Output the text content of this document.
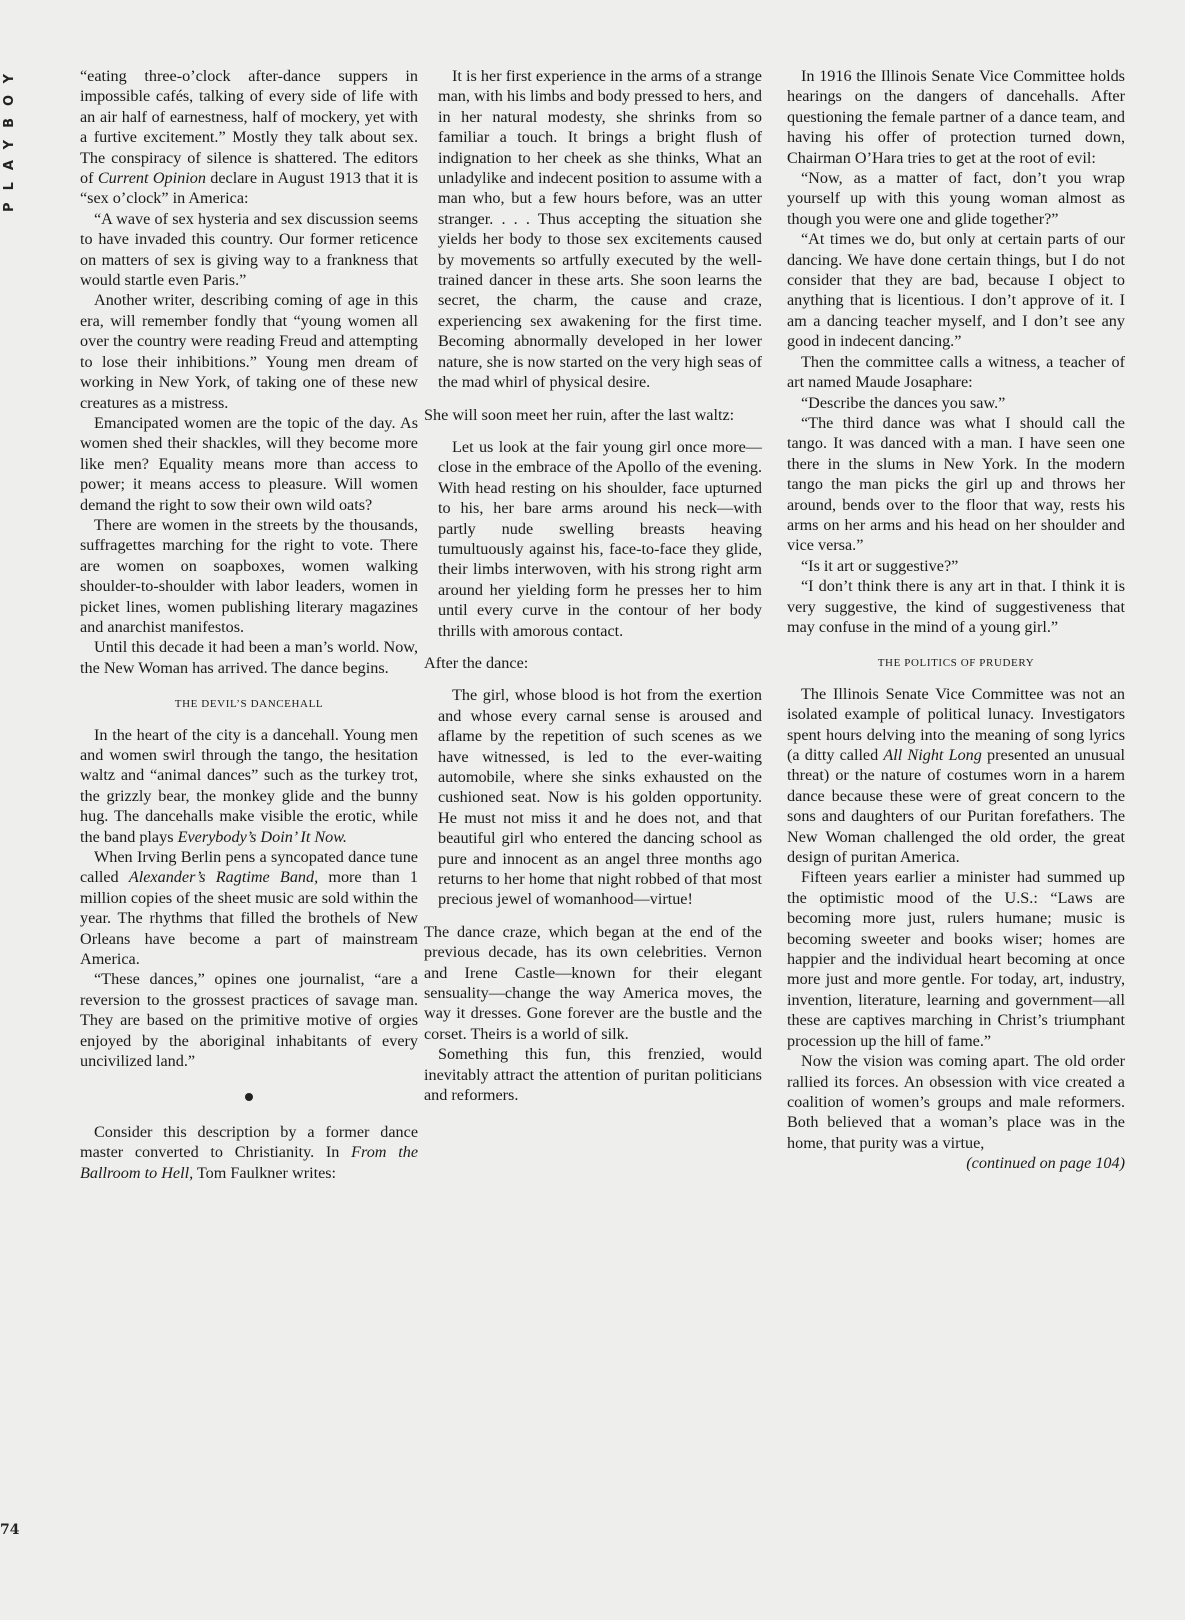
PLAYBOY	“eating three-o’clock after-dance suppers in impossible cafés, talking of every side of life with an air half of earnestness, half of mockery, yet with a furtive excitement.” Mostly they talk about sex. The conspiracy of silence is shattered. The editors of Current Opinion declare in August 1913 that it is “sex o’clock” in America:

“A wave of sex hysteria and sex discussion seems to have invaded this country. Our former reticence on matters of sex is giving way to a frankness that would startle even Paris.”

Another writer, describing coming of age in this era, will remember fondly that “young women all over the country were reading Freud and attempting to lose their inhibitions.” Young men dream of working in New York, of taking one of these new creatures as a mistress.

Emancipated women are the topic of the day. As women shed their shackles, will they become more like men? Equality means more than access to power; it means access to pleasure. Will women demand the right to sow their own wild oats?

There are women in the streets by the thousands, suffragettes marching for the right to vote. There are women on soapboxes, women walking shoulder-to-shoulder with labor leaders, women in picket lines, women publishing literary magazines and anarchist manifestos.

Until this decade it had been a man’s world. Now, the New Woman has arrived. The dance begins.

THE DEVIL’S DANCEHALL

In the heart of the city is a dancehall. Young men and women swirl through the tango, the hesitation waltz and “animal dances” such as the turkey trot, the grizzly bear, the monkey glide and the bunny hug. The dancehalls make visible the erotic, while the band plays Everybody’s Doin’ It Now.

When Irving Berlin pens a syncopated dance tune called Alexander’s Ragtime Band, more than 1 million copies of the sheet music are sold within the year. The rhythms that filled the brothels of New Orleans have become a part of mainstream America.

“These dances,” opines one journalist, “are a reversion to the grossest practices of savage man. They are based on the primitive motive of orgies enjoyed by the aboriginal inhabitants of every uncivilized land.”

Consider this description by a former dance master converted to Christianity. In From the Ballroom to Hell, Tom Faulkner writes:

It is her first experience in the arms of a strange man, with his limbs and body pressed to hers, and in her natural modesty, she shrinks from so familiar a touch. It brings a bright flush of indignation to her cheek as she thinks, What an unladylike and indecent position to assume with a man who, but a few hours before, was an utter stranger. . . . Thus accepting the situation she yields her body to those sex excitements caused by movements so artfully executed by the well-trained dancer in these arts. She soon learns the secret, the charm, the cause and craze, experiencing sex awakening for the first time. Becoming abnormally developed in her lower nature, she is now started on the very high seas of the mad whirl of physical desire.

She will soon meet her ruin, after the last waltz:

Let us look at the fair young girl once more—close in the embrace of the Apollo of the evening. With head resting on his shoulder, face upturned to his, her bare arms around his neck—with partly nude swelling breasts heaving tumultuously against his, face-to-face they glide, their limbs interwoven, with his strong right arm around her yielding form he presses her to him until every curve in the contour of her body thrills with amorous contact.

After the dance:

The girl, whose blood is hot from the exertion and whose every carnal sense is aroused and aflame by the repetition of such scenes as we have witnessed, is led to the ever-waiting automobile, where she sinks exhausted on the cushioned seat. Now is his golden opportunity. He must not miss it and he does not, and that beautiful girl who entered the dancing school as pure and innocent as an angel three months ago returns to her home that night robbed of that most precious jewel of womanhood—virtue!

The dance craze, which began at the end of the previous decade, has its own celebrities. Vernon and Irene Castle—known for their elegant sensuality—change the way America moves, the way it dresses. Gone forever are the bustle and the corset. Theirs is a world of silk.

Something this fun, this frenzied, would inevitably attract the attention of puritan politicians and reformers.

In 1916 the Illinois Senate Vice Committee holds hearings on the dangers of dancehalls. After questioning the female partner of a dance team, and having his offer of protection turned down, Chairman O’Hara tries to get at the root of evil:

“Now, as a matter of fact, don’t you wrap yourself up with this young woman almost as though you were one and glide together?”

“At times we do, but only at certain parts of our dancing. We have done certain things, but I do not consider that they are bad, because I object to anything that is licentious. I don’t approve of it. I am a dancing teacher myself, and I don’t see any good in indecent dancing.”

Then the committee calls a witness, a teacher of art named Maude Josaphare:

“Describe the dances you saw.”

“The third dance was what I should call the tango. It was danced with a man. I have seen one there in the slums in New York. In the modern tango the man picks the girl up and throws her around, bends over to the floor that way, rests his arms on her arms and his head on her shoulder and vice versa.”

“Is it art or suggestive?”

“I don’t think there is any art in that. I think it is very suggestive, the kind of suggestiveness that may confuse in the mind of a young girl.”

THE POLITICS OF PRUDERY

The Illinois Senate Vice Committee was not an isolated example of political lunacy. Investigators spent hours delving into the meaning of song lyrics (a ditty called All Night Long presented an unusual threat) or the nature of costumes worn in a harem dance because these were of great concern to the sons and daughters of our Puritan forefathers. The New Woman challenged the old order, the great design of puritan America.

Fifteen years earlier a minister had summed up the optimistic mood of the U.S.: “Laws are becoming more just, rulers humane; music is becoming sweeter and books wiser; homes are happier and the individual heart becoming at once more just and more gentle. For today, art, industry, invention, literature, learning and government—all these are captives marching in Christ’s triumphant procession up the hill of fame.”

Now the vision was coming apart. The old order rallied its forces. An obsession with vice created a coalition of women’s groups and male reformers. Both believed that a woman’s place was in the home, that purity was a virtue,

(continued on page 104)

74
